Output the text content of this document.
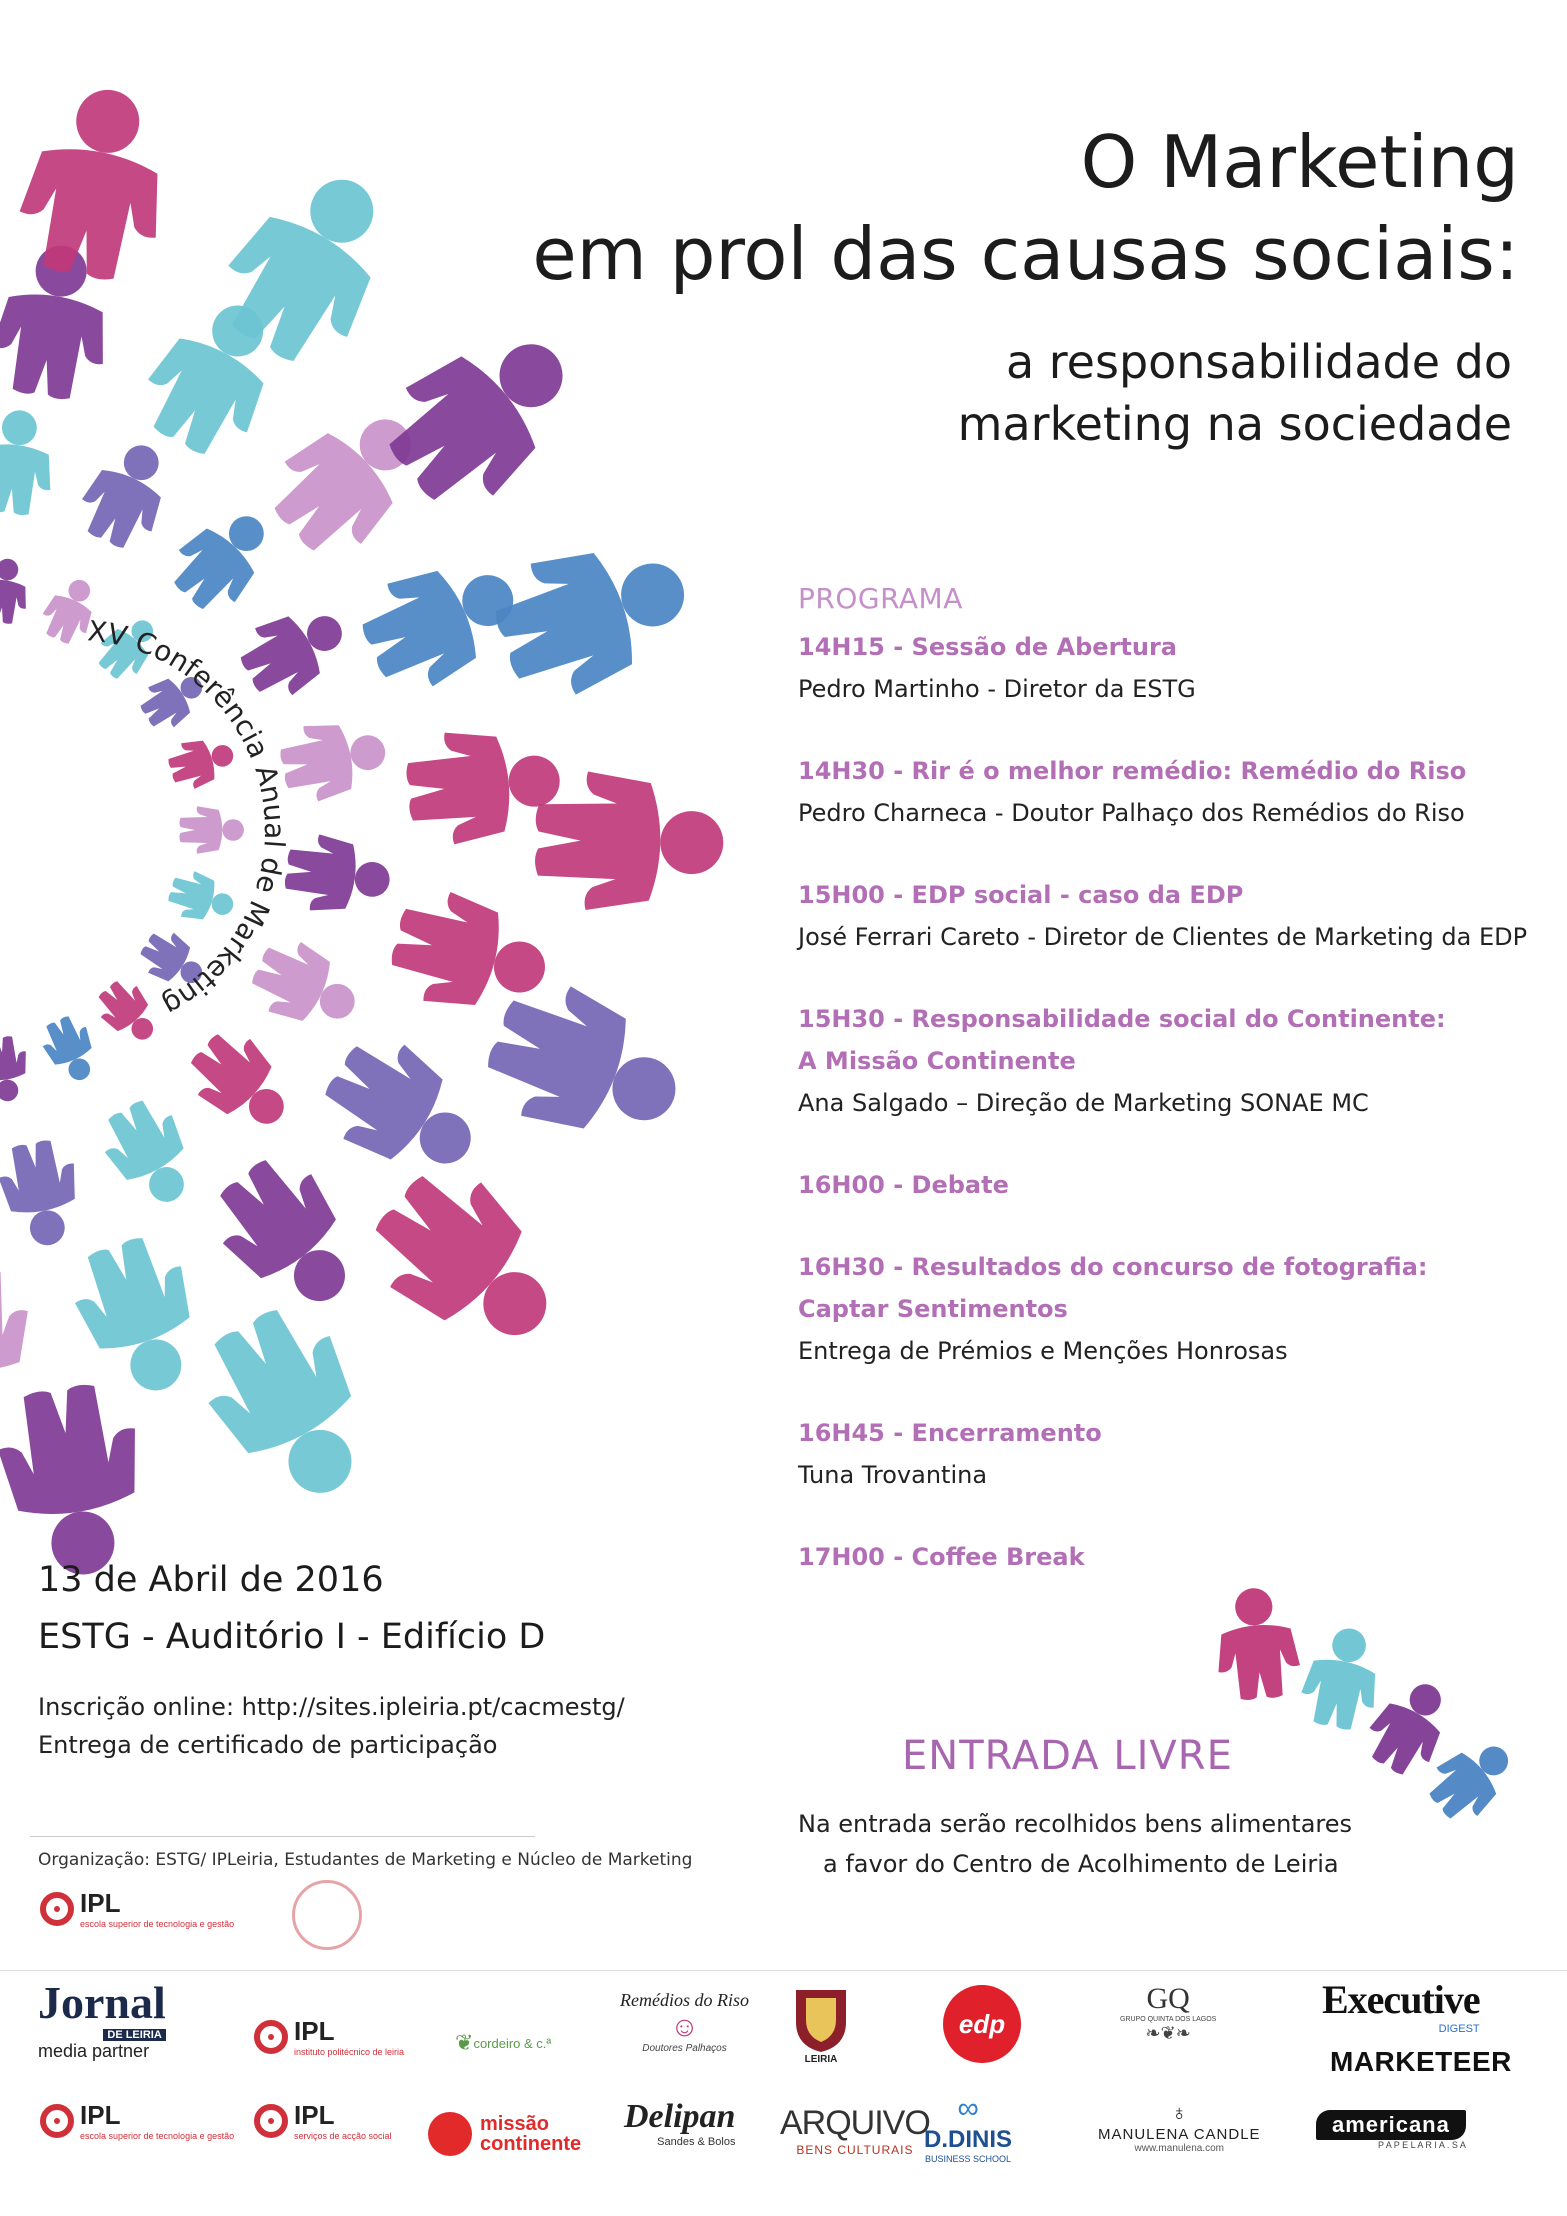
XV Conferência Anual de Marketing
O Marketing
em prol das causas sociais:
a responsabilidade do
marketing na sociedade
PROGRAMA
14H15 - Sessão de Abertura
Pedro Martinho - Diretor da ESTG
14H30 - Rir é o melhor remédio: Remédio do Riso
Pedro Charneca - Doutor Palhaço dos Remédios do Riso
15H00 - EDP social - caso da EDP
José Ferrari Careto - Diretor de Clientes de Marketing da EDP
15H30 - Responsabilidade social do Continente:
A Missão Continente
Ana Salgado – Direção de Marketing SONAE MC
16H00 - Debate
16H30 - Resultados do concurso de fotografia:
Captar Sentimentos
Entrega de Prémios e Menções Honrosas
16H45 - Encerramento
Tuna Trovantina
17H00 - Coffee Break
13 de Abril de 2016
ESTG - Auditório I - Edifício D
Inscrição online: http://sites.ipleiria.pt/cacmestg/
Entrega de certificado de participação	ENTRADA LIVRE
Na entrada serão recolhidos bens alimentares
a favor do Centro de Acolhimento de Leiria
Organização: ESTG/ IPLeiria, Estudantes de Marketing e Núcleo de Marketing
IPL
escola superior de tecnologia e gestão
Jornal
DE LEIRIA
media partner
IPL
instituto politécnico de leiria ❦ cordeiro & c.ª
Remédios do Riso
☺
Doutores Palhaços
LEIRIA
edp
GQ
GRUPO QUINTA DOS LAGOS
❧❦❧
Executive
DIGEST
MARKETEER
IPL
escola superior de tecnologia e gestão
IPL
serviços de acção social
missão
continente
Delipan
Sandes & Bolos ARQUIVO
BENS CULTURAIS
∞
D.DINIS
BUSINESS SCHOOL
♁
MANULENA CANDLE
www.manulena.com
americana
P A P E L A R I A . S A
